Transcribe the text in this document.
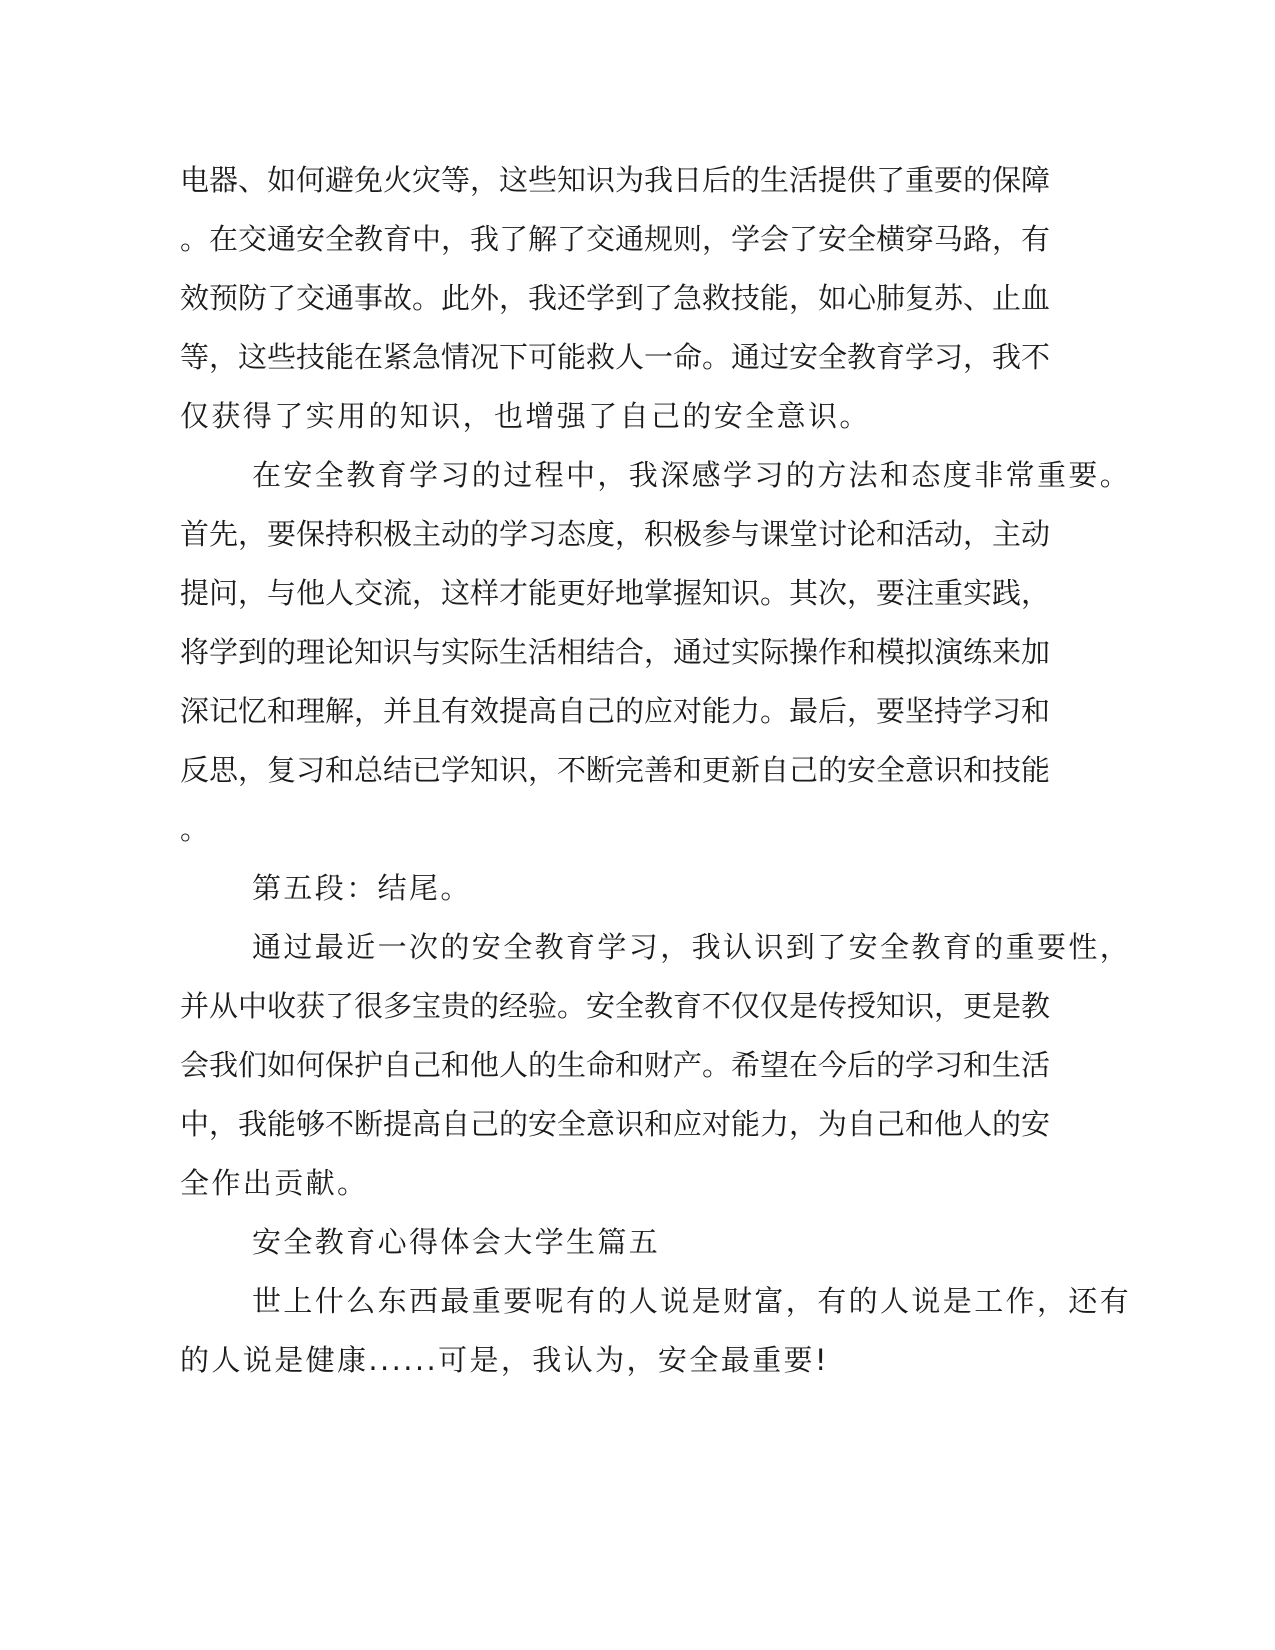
电器、如何避免火灾等，这些知识为我日后的生活提供了重要的保障

。在交通安全教育中，我了解了交通规则，学会了安全横穿马路，有

效预防了交通事故。此外，我还学到了急救技能，如心肺复苏、止血

等，这些技能在紧急情况下可能救人一命。通过安全教育学习，我不

仅获得了实用的知识，也增强了自己的安全意识。

在安全教育学习的过程中，我深感学习的方法和态度非常重要。

首先，要保持积极主动的学习态度，积极参与课堂讨论和活动，主动

提问，与他人交流，这样才能更好地掌握知识。其次，要注重实践，

将学到的理论知识与实际生活相结合，通过实际操作和模拟演练来加

深记忆和理解，并且有效提高自己的应对能力。最后，要坚持学习和

反思，复习和总结已学知识，不断完善和更新自己的安全意识和技能

。

第五段：结尾。

通过最近一次的安全教育学习，我认识到了安全教育的重要性，

并从中收获了很多宝贵的经验。安全教育不仅仅是传授知识，更是教

会我们如何保护自己和他人的生命和财产。希望在今后的学习和生活

中，我能够不断提高自己的安全意识和应对能力，为自己和他人的安

全作出贡献。

安全教育心得体会大学生篇五

世上什么东西最重要呢有的人说是财富，有的人说是工作，还有

的人说是健康......可是，我认为，安全最重要!
